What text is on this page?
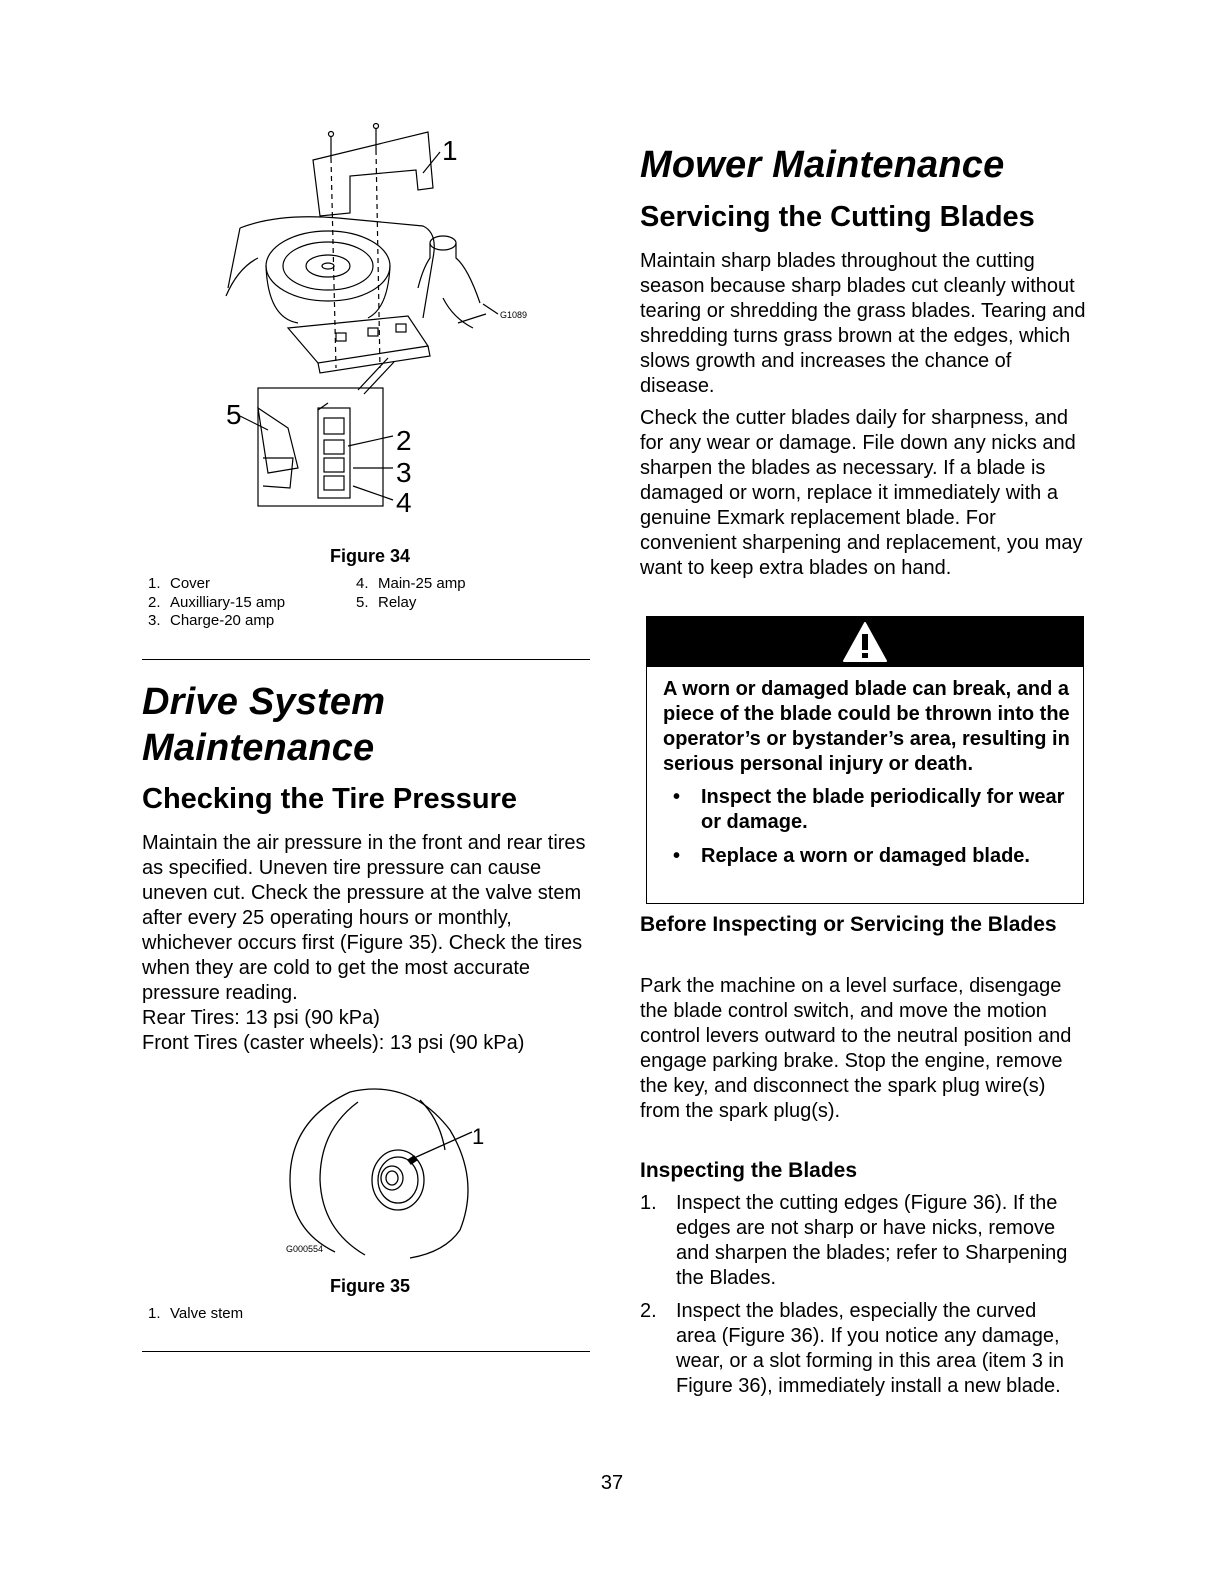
1
2
3
4
5
G1089
Figure 34
1. Cover
2. Auxilliary-15 amp
3. Charge-20 amp
4. Main-25 amp
5. Relay
Drive System Maintenance
Checking the Tire Pressure

Maintain the air pressure in the front and rear tires as specified. Uneven tire pressure can cause uneven cut. Check the pressure at the valve stem after every 25 operating hours or monthly, whichever occurs first (Figure 35). Check the tires when they are cold to get the most accurate pressure reading.

Rear Tires: 13 psi (90 kPa)

Front Tires (caster wheels): 13 psi (90 kPa)

1
G000554
Figure 35
1. Valve stem
Mower Maintenance
Servicing the Cutting Blades

Maintain sharp blades throughout the cutting season because sharp blades cut cleanly without tearing or shredding the grass blades. Tearing and shredding turns grass brown at the edges, which slows growth and increases the chance of disease.

Check the cutter blades daily for sharpness, and for any wear or damage. File down any nicks and sharpen the blades as necessary. If a blade is damaged or worn, replace it immediately with a genuine Exmark replacement blade. For convenient sharpening and replacement, you may want to keep extra blades on hand.

A worn or damaged blade can break, and a piece of the blade could be thrown into the operator’s or bystander’s area, resulting in serious personal injury or death.
• Inspect the blade periodically for wear or damage.
• Replace a worn or damaged blade.
Before Inspecting or Servicing the Blades

Park the machine on a level surface, disengage the blade control switch, and move the motion control levers outward to the neutral position and engage parking brake. Stop the engine, remove the key, and disconnect the spark plug wire(s) from the spark plug(s).

Inspecting the Blades
1. Inspect the cutting edges (Figure 36). If the edges are not sharp or have nicks, remove and sharpen the blades; refer to Sharpening the Blades.
2. Inspect the blades, especially the curved area (Figure 36). If you notice any damage, wear, or a slot forming in this area (item 3 in Figure 36), immediately install a new blade.
37
